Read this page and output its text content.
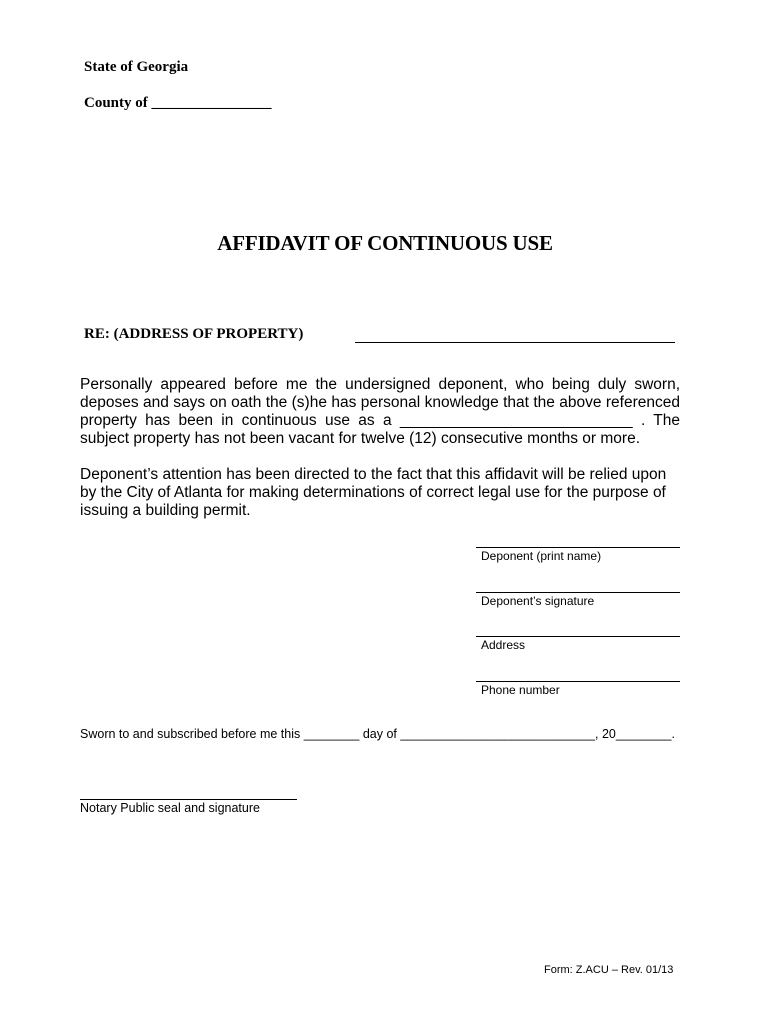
State of Georgia
County of ________________
AFFIDAVIT OF CONTINUOUS USE
RE: (ADDRESS OF PROPERTY)
Personally appeared before me the undersigned deponent, who being duly sworn, deposes and says on oath the (s)he has personal knowledge that the above referenced property has been in continuous use as a ___________________________ . The subject property has not been vacant for twelve (12) consecutive months or more.
Deponent’s attention has been directed to the fact that this affidavit will be relied upon by the City of Atlanta for making determinations of correct legal use for the purpose of issuing a building permit.
Deponent (print name)
Deponent’s signature
Address
Phone number
Sworn to and subscribed before me this ________ day of ____________________________, 20________.
Notary Public seal and signature
Form: Z.ACU – Rev. 01/13
